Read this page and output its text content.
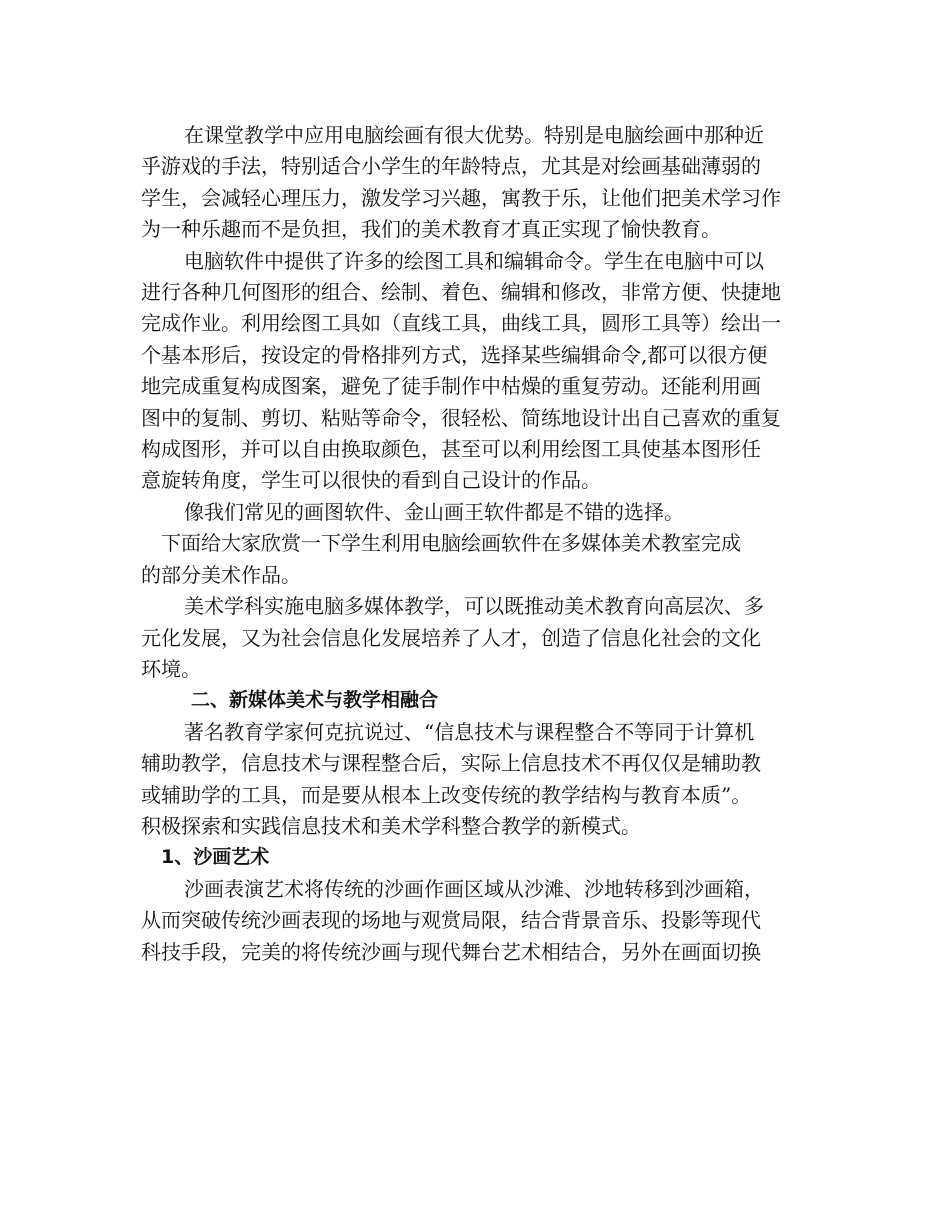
在课堂教学中应用电脑绘画有很大优势。特别是电脑绘画中那种近
乎游戏的手法，特别适合小学生的年龄特点，尤其是对绘画基础薄弱的
学生，会减轻心理压力，激发学习兴趣，寓教于乐，让他们把美术学习作
为一种乐趣而不是负担，我们的美术教育才真正实现了愉快教育。

电脑软件中提供了许多的绘图工具和编辑命令。学生在电脑中可以
进行各种几何图形的组合、绘制、着色、编辑和修改，非常方便、快捷地
完成作业。利用绘图工具如（直线工具，曲线工具，圆形工具等）绘出一
个基本形后，按设定的骨格排列方式，选择某些编辑命令,都可以很方便
地完成重复构成图案，避免了徒手制作中枯燥的重复劳动。还能利用画
图中的复制、剪切、粘贴等命令，很轻松、简练地设计出自己喜欢的重复
构成图形，并可以自由换取颜色，甚至可以利用绘图工具使基本图形任
意旋转角度，学生可以很快的看到自己设计的作品。

像我们常见的画图软件、金山画王软件都是不错的选择。

下面给大家欣赏一下学生利用电脑绘画软件在多媒体美术教室完成
的部分美术作品。

美术学科实施电脑多媒体教学，可以既推动美术教育向高层次、多
元化发展，又为社会信息化发展培养了人才，创造了信息化社会的文化
环境。

二、新媒体美术与教学相融合

著名教育学家何克抗说过、“信息技术与课程整合不等同于计算机
辅助教学，信息技术与课程整合后，实际上信息技术不再仅仅是辅助教
或辅助学的工具，而是要从根本上改变传统的教学结构与教育本质”。
积极探索和实践信息技术和美术学科整合教学的新模式。

1、沙画艺术

沙画表演艺术将传统的沙画作画区域从沙滩、沙地转移到沙画箱，
从而突破传统沙画表现的场地与观赏局限，结合背景音乐、投影等现代
科技手段，完美的将传统沙画与现代舞台艺术相结合，另外在画面切换
